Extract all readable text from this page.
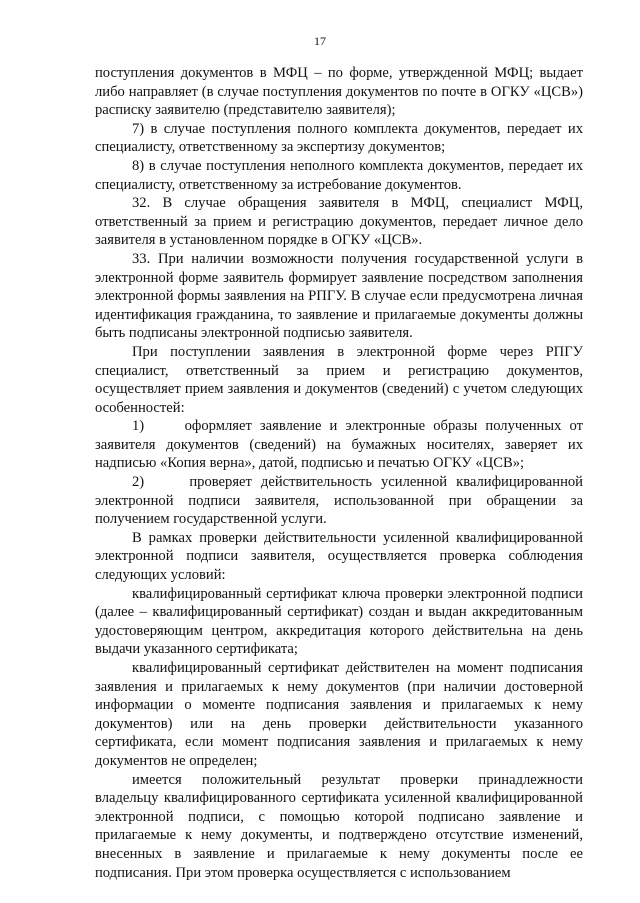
17

поступления документов в МФЦ – по форме, утвержденной МФЦ; выдает либо направляет (в случае поступления документов по почте в ОГКУ «ЦСВ») расписку заявителю (представителю заявителя);

7) в случае поступления полного комплекта документов, передает их специалисту, ответственному за экспертизу документов;

8) в случае поступления неполного комплекта документов, передает их специалисту, ответственному за истребование документов.

32. В случае обращения заявителя в МФЦ, специалист МФЦ, ответственный за прием и регистрацию документов, передает личное дело заявителя в установленном порядке в ОГКУ «ЦСВ».

33. При наличии возможности получения государственной услуги в электронной форме заявитель формирует заявление посредством заполнения электронной формы заявления на РПГУ. В случае если предусмотрена личная идентификация гражданина, то заявление и прилагаемые документы должны быть подписаны электронной подписью заявителя.

При поступлении заявления в электронной форме через РПГУ специалист, ответственный за прием и регистрацию документов, осуществляет прием заявления и документов (сведений) с учетом следующих особенностей:

1)     оформляет заявление и электронные образы полученных от заявителя документов (сведений) на бумажных носителях, заверяет их надписью «Копия верна», датой, подписью и печатью ОГКУ «ЦСВ»;

2)     проверяет действительность усиленной квалифицированной электронной подписи заявителя, использованной при обращении за получением государственной услуги.

В рамках проверки действительности усиленной квалифицированной электронной подписи заявителя, осуществляется проверка соблюдения следующих условий:

квалифицированный сертификат ключа проверки электронной подписи (далее – квалифицированный сертификат) создан и выдан аккредитованным удостоверяющим центром, аккредитация которого действительна на день выдачи указанного сертификата;

квалифицированный сертификат действителен на момент подписания заявления и прилагаемых к нему документов (при наличии достоверной информации о моменте подписания заявления и прилагаемых к нему документов) или на день проверки действительности указанного сертификата, если момент подписания заявления и прилагаемых к нему документов не определен;

имеется положительный результат проверки принадлежности владельцу квалифицированного сертификата усиленной квалифицированной электронной подписи, с помощью которой подписано заявление и прилагаемые к нему документы, и подтверждено отсутствие изменений, внесенных в заявление и прилагаемые к нему документы после ее подписания. При этом проверка осуществляется с использованием
